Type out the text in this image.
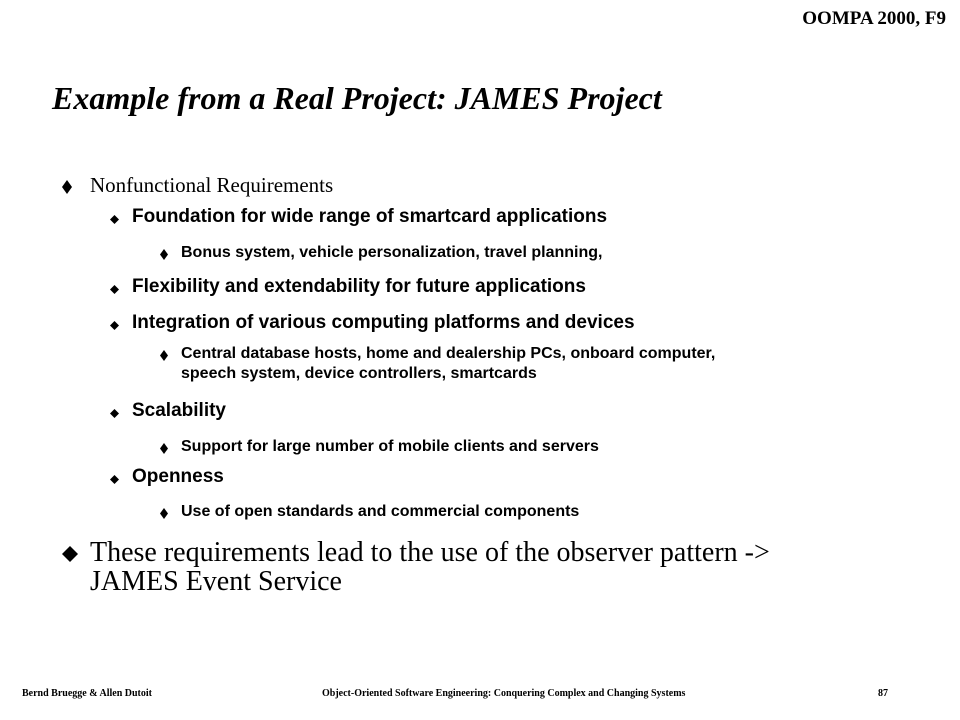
OOMPA 2000, F9
Example from a Real Project: JAMES Project
Nonfunctional Requirements
Foundation for wide range of smartcard applications
Bonus system, vehicle personalization, travel planning,
Flexibility and extendability for future applications
Integration of various computing platforms and devices
Central database hosts, home and dealership PCs, onboard computer,
speech system, device controllers, smartcards
Scalability
Support for large number of mobile clients and servers
Openness
Use of open standards and commercial components
These requirements lead to the use of the observer pattern ->
JAMES Event Service
Bernd Bruegge & Allen Dutoit	Object-Oriented Software Engineering: Conquering Complex and Changing Systems	87
